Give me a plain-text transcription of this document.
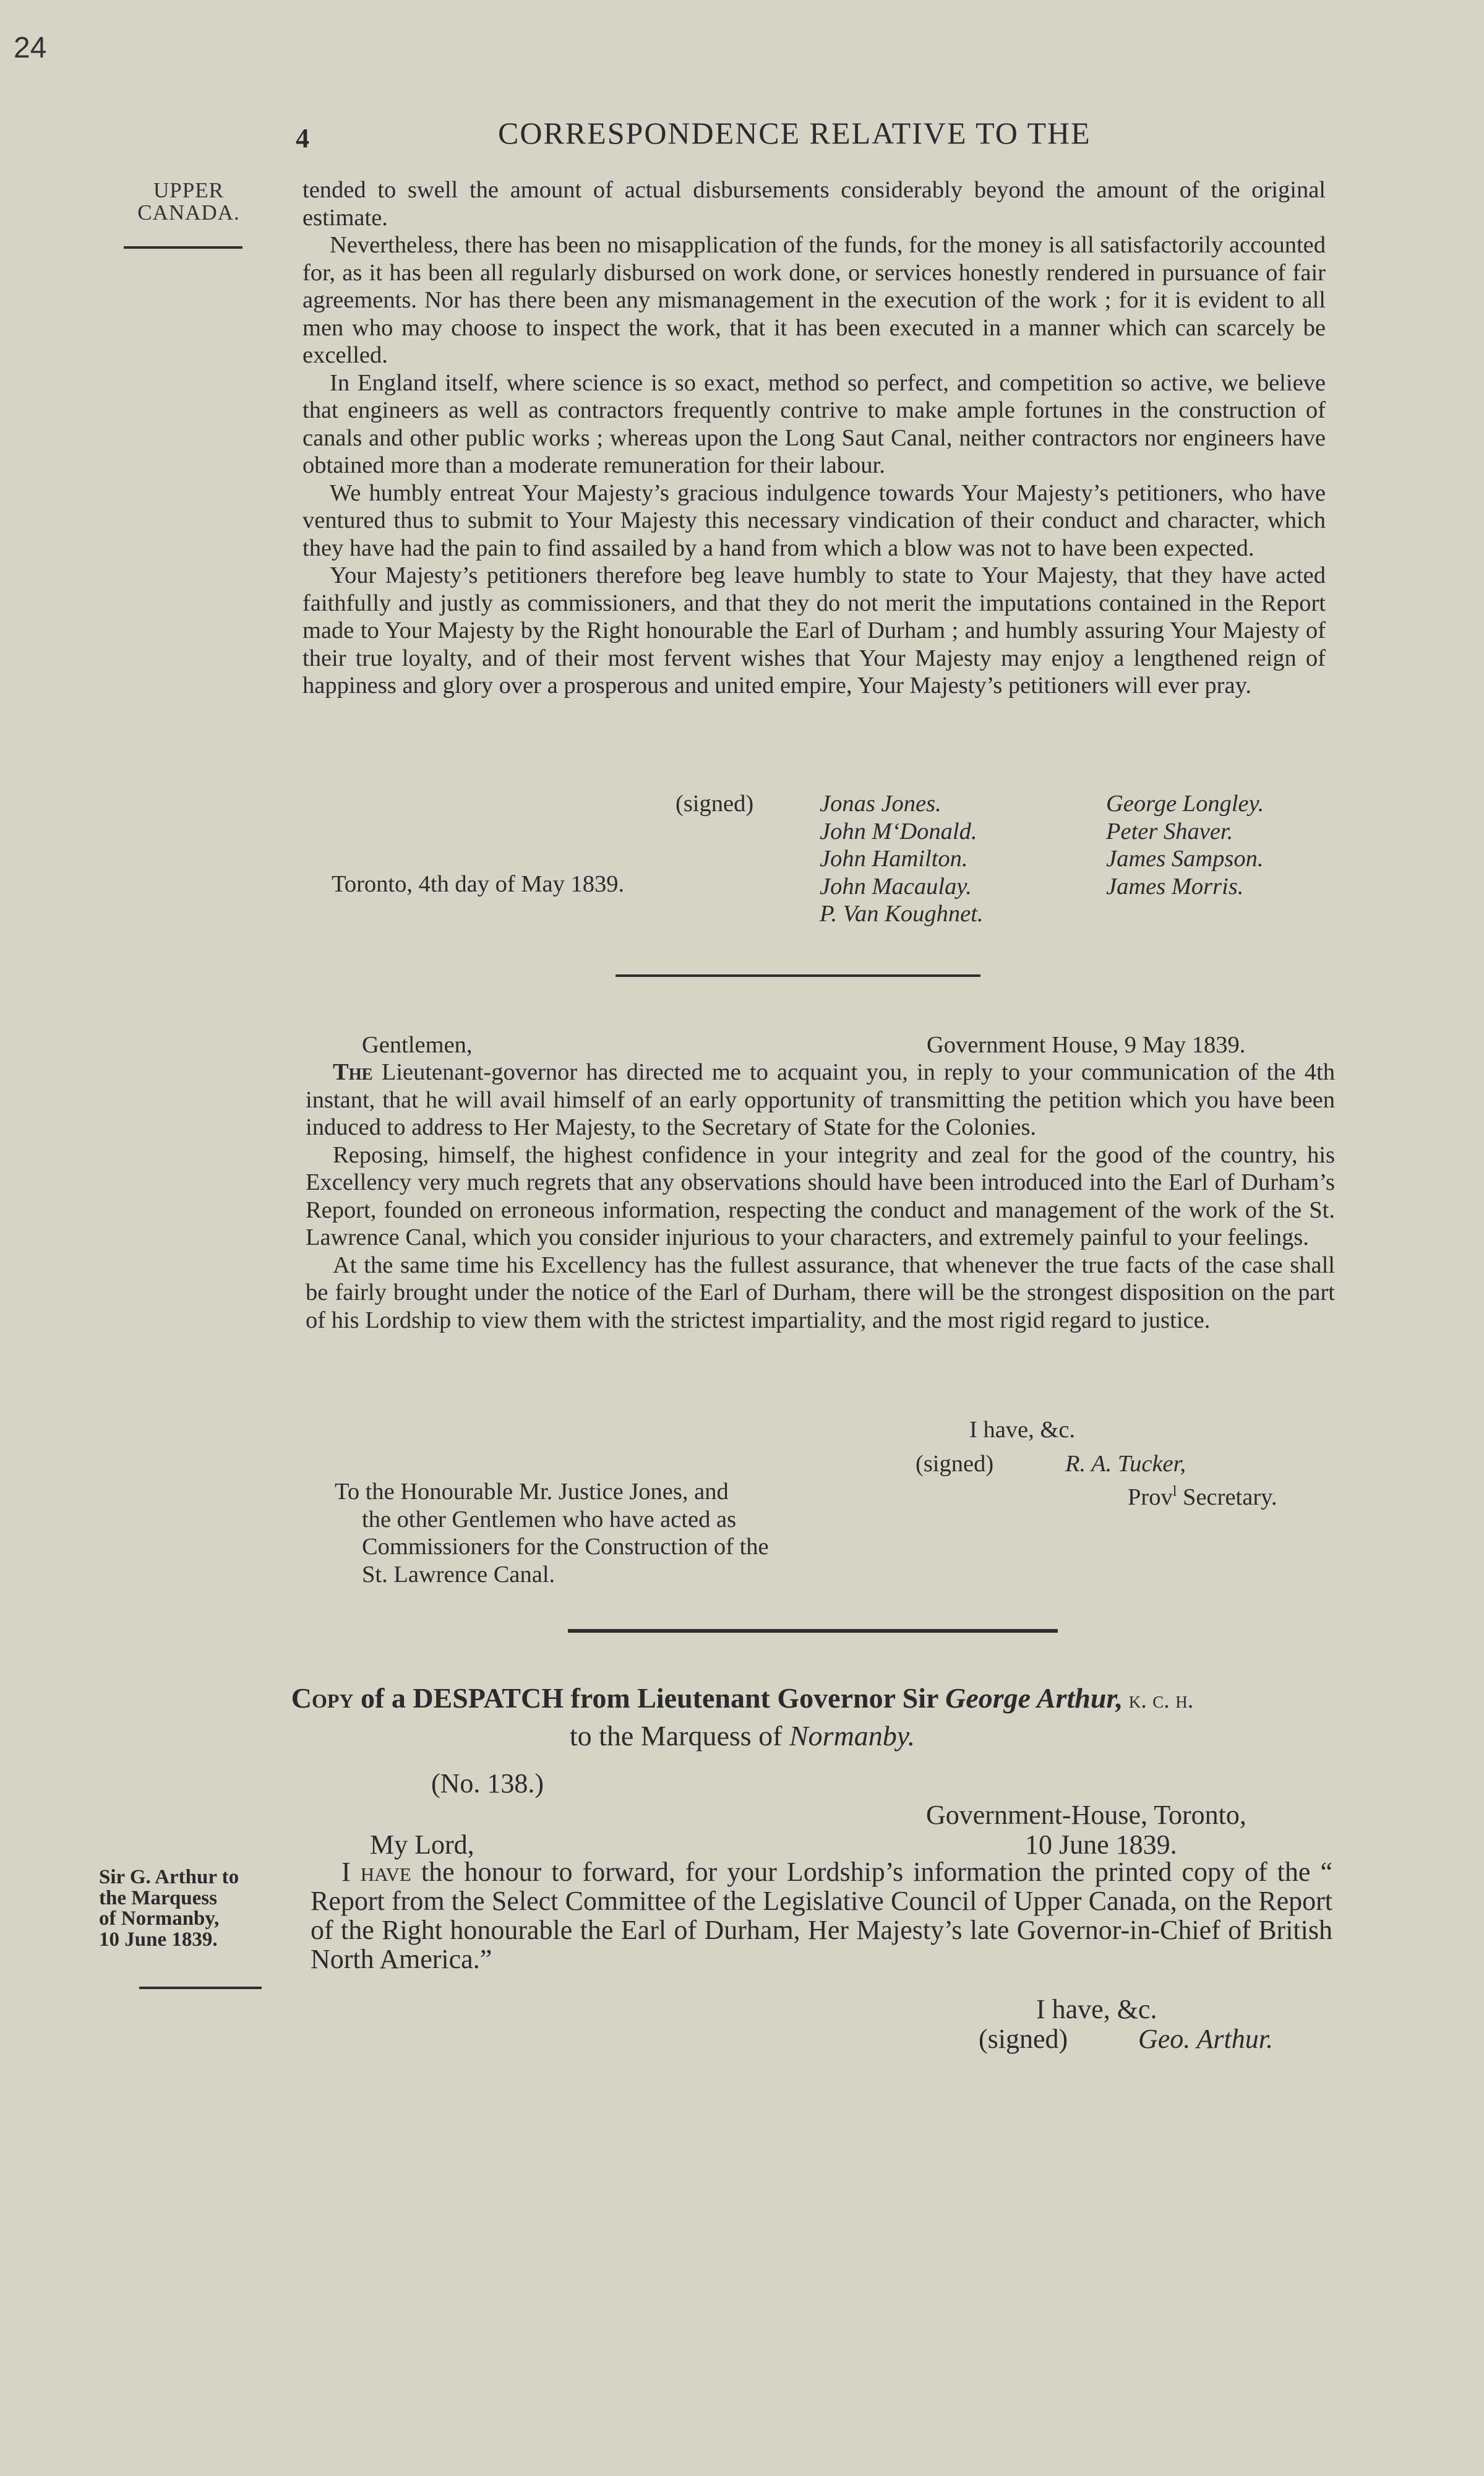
24
4	CORRESPONDENCE RELATIVE TO THE
UPPER
CANADA.

tended to swell the amount of actual disbursements considerably beyond the amount of the original estimate.

Nevertheless, there has been no misapplication of the funds, for the money is all satisfactorily accounted for, as it has been all regularly disbursed on work done, or services honestly rendered in pursuance of fair agreements. Nor has there been any mismanagement in the execution of the work ; for it is evident to all men who may choose to inspect the work, that it has been executed in a manner which can scarcely be excelled.

In England itself, where science is so exact, method so perfect, and competition so active, we believe that engineers as well as contractors frequently contrive to make ample fortunes in the construction of canals and other public works ; whereas upon the Long Saut Canal, neither contractors nor engineers have obtained more than a moderate remuneration for their labour.

We humbly entreat Your Majesty’s gracious indulgence towards Your Majesty’s petitioners, who have ventured thus to submit to Your Majesty this necessary vindication of their conduct and character, which they have had the pain to find assailed by a hand from which a blow was not to have been expected.

Your Majesty’s petitioners therefore beg leave humbly to state to Your Majesty, that they have acted faithfully and justly as commissioners, and that they do not merit the imputations contained in the Report made to Your Majesty by the Right honourable the Earl of Durham ; and humbly assuring Your Majesty of their true loyalty, and of their most fervent wishes that Your Majesty may enjoy a lengthened reign of happiness and glory over a prosperous and united empire, Your Majesty’s petitioners will ever pray.

(signed)
Toronto, 4th day of May 1839.
Jonas Jones.
John M‘Donald.
John Hamilton.
John Macaulay.
P. Van Koughnet.
George Longley.
Peter Shaver.
James Sampson.
James Morris.
Gentlemen,	Government House, 9 May 1839.

The Lieutenant-governor has directed me to acquaint you, in reply to your communication of the 4th instant, that he will avail himself of an early opportunity of transmitting the petition which you have been induced to address to Her Majesty, to the Secretary of State for the Colonies.

Reposing, himself, the highest confidence in your integrity and zeal for the good of the country, his Excellency very much regrets that any observations should have been introduced into the Earl of Durham’s Report, founded on erroneous information, respecting the conduct and management of the work of the St. Lawrence Canal, which you consider injurious to your characters, and extremely painful to your feelings.

At the same time his Excellency has the fullest assurance, that whenever the true facts of the case shall be fairly brought under the notice of the Earl of Durham, there will be the strongest disposition on the part of his Lordship to view them with the strictest impartiality, and the most rigid regard to justice.

I have, &c.
(signed)	R. A. Tucker,
Prov$^l$ Secretary.
To the Honourable Mr. Justice Jones, and
the other Gentlemen who have acted as
Commissioners for the Construction of the
St. Lawrence Canal.
Copy of a DESPATCH from Lieutenant Governor Sir George Arthur, k. c. h.
to the Marquess of Normanby.
(No. 138.)
Government-House, Toronto,
My Lord,	10 June 1839.
Sir G. Arthur to
the Marquess
of Normanby,
10 June 1839.
I have the honour to forward, for your Lordship’s information the printed copy of the “ Report from the Select Committee of the Legislative Council of Upper Canada, on the Report of the Right honourable the Earl of Durham, Her Majesty’s late Governor-in-Chief of British North America.”
I have, &c.
(signed)	Geo. Arthur.
